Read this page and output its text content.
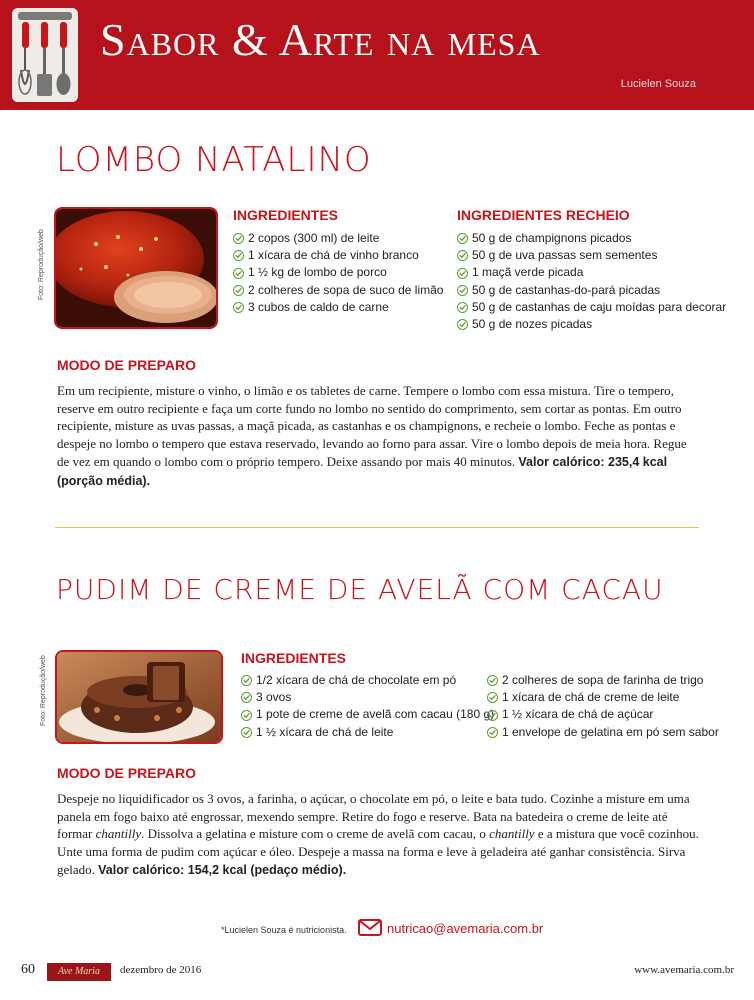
Sabor & Arte na mesa
Lucielen Souza
LOMBO NATALINO
Foto: Reprodução/web
INGREDIENTES
2 copos (300 ml) de leite
1 xícara de chá de vinho branco
1 ½ kg de lombo de porco
2 colheres de sopa de suco de limão
3 cubos de caldo de carne
INGREDIENTES RECHEIO
50 g de champignons picados
50 g de uva passas sem sementes
1 maçã verde picada
50 g de castanhas-do-pará picadas
50 g de castanhas de caju moídas para decorar
50 g de nozes picadas
MODO DE PREPARO
Em um recipiente, misture o vinho, o limão e os tabletes de carne. Tempere o lombo com essa mistura. Tire o tempero, reserve em outro recipiente e faça um corte fundo no lombo no sentido do comprimento, sem cortar as pontas. Em outro recipiente, misture as uvas passas, a maçã picada, as castanhas e os champignons, e recheie o lombo. Feche as pontas e despeje no lombo o tempero que estava reservado, levando ao forno para assar. Vire o lombo depois de meia hora. Regue de vez em quando o lombo com o próprio tempero. Deixe assando por mais 40 minutos. Valor calórico: 235,4 kcal (porção média).
PUDIM DE CREME DE AVELÃ COM CACAU
Foto: Reprodução/web	INGREDIENTES
1/2 xícara de chá de chocolate em pó
3 ovos
1 pote de creme de avelã com cacau (180 g)
1 ½ xícara de chá de leite
2 colheres de sopa de farinha de trigo
1 xícara de chá de creme de leite
1 ½ xícara de chá de açúcar
1 envelope de gelatina em pó sem sabor
MODO DE PREPARO
Despeje no liquidificador os 3 ovos, a farinha, o açúcar, o chocolate em pó, o leite e bata tudo. Cozinhe a misture em uma panela em fogo baixo até engrossar, mexendo sempre. Retire do fogo e reserve. Bata na batedeira o creme de leite até formar chantilly. Dissolva a gelatina e misture com o creme de avelã com cacau, o chantilly e a mistura que você cozinhou. Unte uma forma de pudim com açúcar e óleo. Despeje a massa na forma e leve à geladeira até ganhar consistência. Sirva gelado. Valor calórico: 154,2 kcal (pedaço médio).
*Lucielen Souza é nutricionista.	nutricao@avemaria.com.br
60	Ave Maria	dezembro de 2016	www.avemaria.com.br
